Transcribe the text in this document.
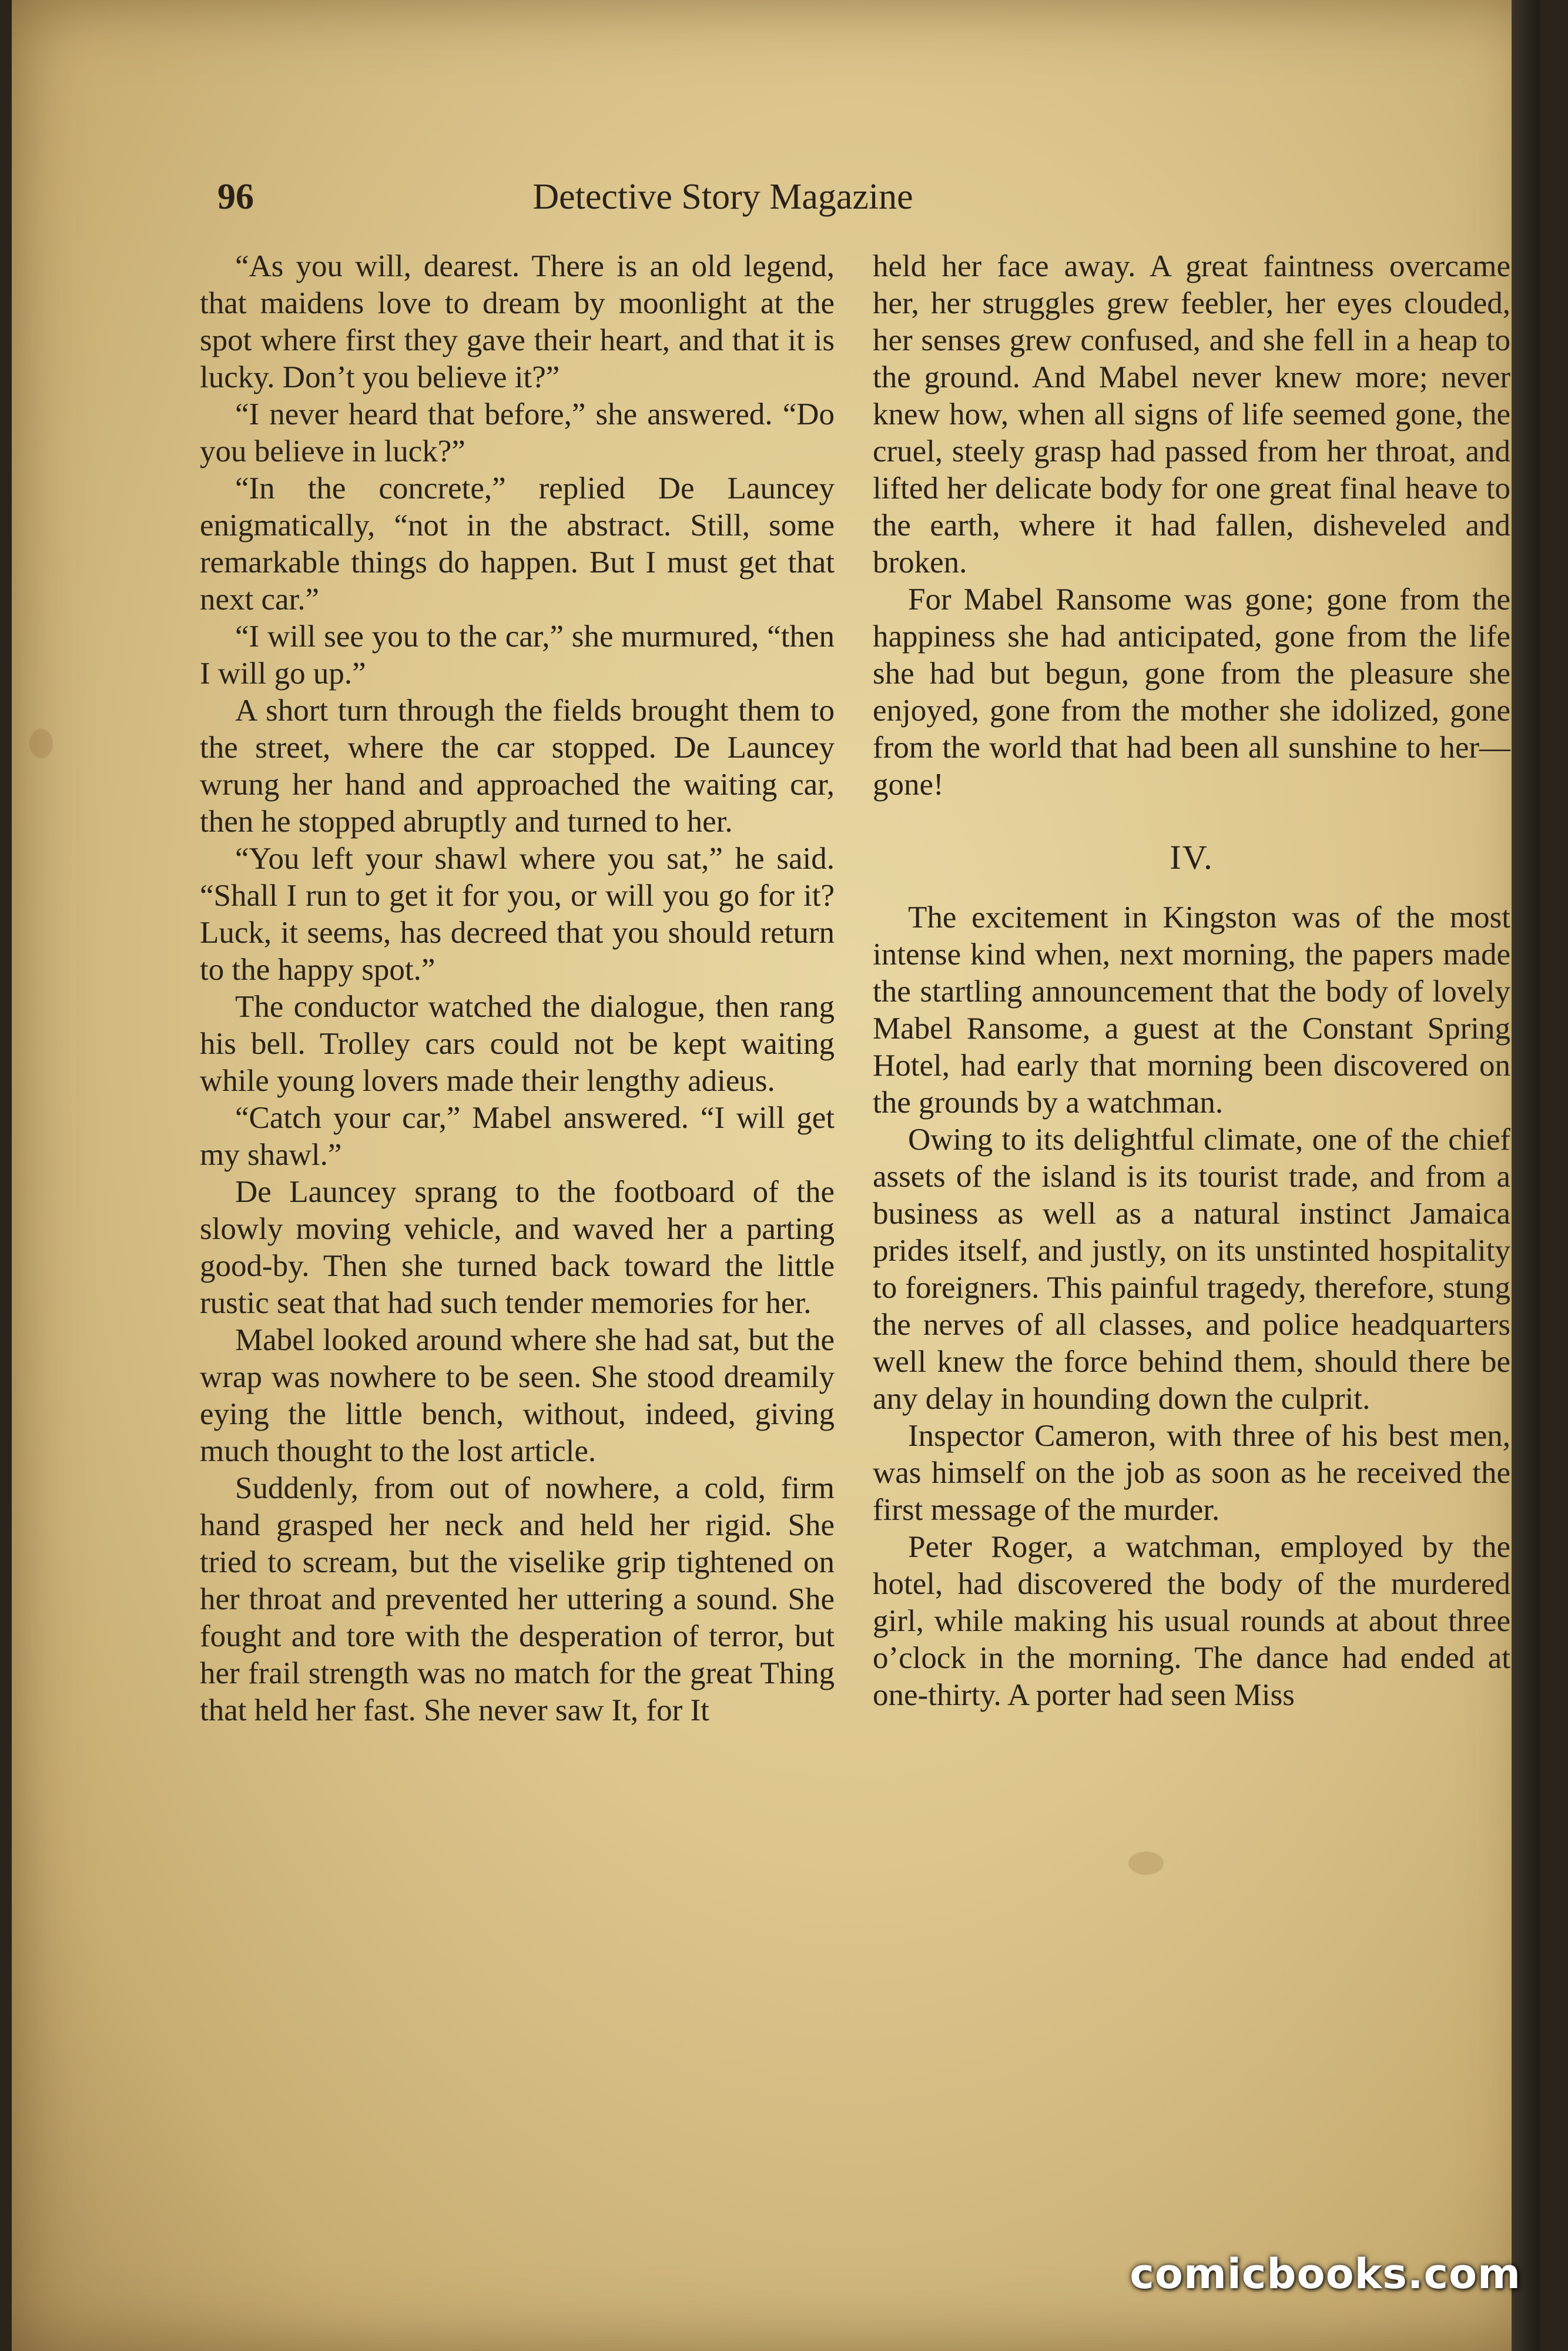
96	Detective Story Magazine

“As you will, dearest. There is an old legend, that maidens love to dream by moonlight at the spot where first they gave their heart, and that it is lucky. Don’t you believe it?”

“I never heard that before,” she answered. “Do you believe in luck?”

“In the concrete,” replied De Launcey enigmatically, “not in the abstract. Still, some remarkable things do happen. But I must get that next car.”

“I will see you to the car,” she murmured, “then I will go up.”

A short turn through the fields brought them to the street, where the car stopped. De Launcey wrung her hand and approached the waiting car, then he stopped abruptly and turned to her.

“You left your shawl where you sat,” he said. “Shall I run to get it for you, or will you go for it? Luck, it seems, has decreed that you should return to the happy spot.”

The conductor watched the dialogue, then rang his bell. Trolley cars could not be kept waiting while young lovers made their lengthy adieus.

“Catch your car,” Mabel answered. “I will get my shawl.”

De Launcey sprang to the footboard of the slowly moving vehicle, and waved her a parting good-by. Then she turned back toward the little rustic seat that had such tender memories for her.

Mabel looked around where she had sat, but the wrap was nowhere to be seen. She stood dreamily eying the little bench, without, indeed, giving much thought to the lost article.

Suddenly, from out of nowhere, a cold, firm hand grasped her neck and held her rigid. She tried to scream, but the viselike grip tightened on her throat and prevented her uttering a sound. She fought and tore with the desperation of terror, but her frail strength was no match for the great Thing that held her fast. She never saw It, for It

held her face away. A great faintness overcame her, her struggles grew feebler, her eyes clouded, her senses grew confused, and she fell in a heap to the ground. And Mabel never knew more; never knew how, when all signs of life seemed gone, the cruel, steely grasp had passed from her throat, and lifted her delicate body for one great final heave to the earth, where it had fallen, disheveled and broken.

For Mabel Ransome was gone; gone from the happiness she had anticipated, gone from the life she had but begun, gone from the pleasure she enjoyed, gone from the mother she idolized, gone from the world that had been all sunshine to her—gone!

IV.

The excitement in Kingston was of the most intense kind when, next morning, the papers made the startling announcement that the body of lovely Mabel Ransome, a guest at the Constant Spring Hotel, had early that morning been discovered on the grounds by a watchman.

Owing to its delightful climate, one of the chief assets of the island is its tourist trade, and from a business as well as a natural instinct Jamaica prides itself, and justly, on its unstinted hospitality to foreigners. This painful tragedy, therefore, stung the nerves of all classes, and police headquarters well knew the force behind them, should there be any delay in hounding down the culprit.

Inspector Cameron, with three of his best men, was himself on the job as soon as he received the first message of the murder.

Peter Roger, a watchman, employed by the hotel, had discovered the body of the murdered girl, while making his usual rounds at about three o’clock in the morning. The dance had ended at one-thirty. A porter had seen Miss

comicbooks.com
